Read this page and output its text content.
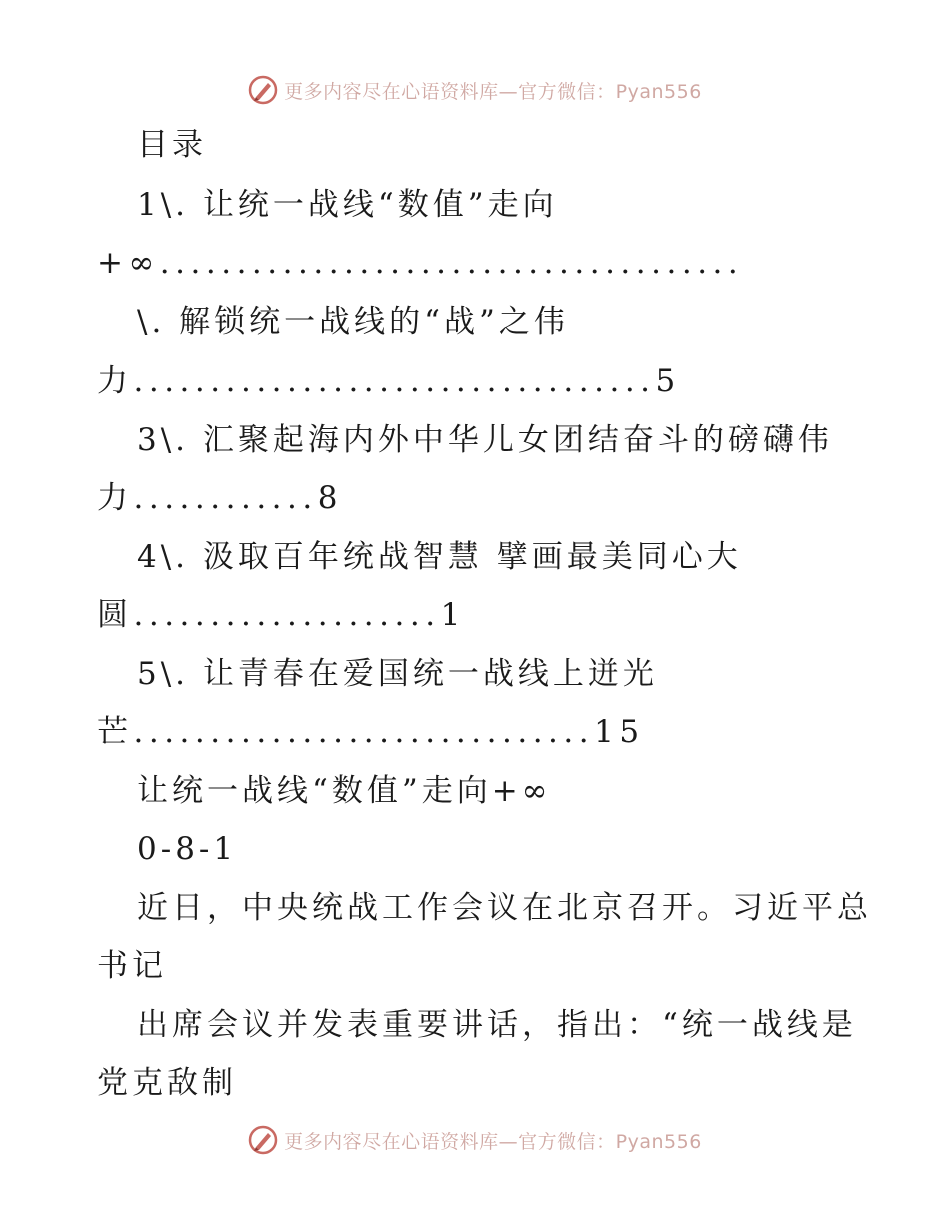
更多内容尽在心语资料库—官方微信：Pyan556
目录
1\. 让统一战线“数值”走向
+∞......................................
\. 解锁统一战线的“战”之伟
力..................................5
3\. 汇聚起海内外中华儿女团结奋斗的磅礴伟
力............8
4\. 汲取百年统战智慧 擘画最美同心大
圆....................1
5\. 让青春在爱国统一战线上迸光
芒..............................15
让统一战线“数值”走向+∞
0-8-1
近日，中央统战工作会议在北京召开。习近平总
书记
出席会议并发表重要讲话，指出：“统一战线是
党克敌制
更多内容尽在心语资料库—官方微信：Pyan556
